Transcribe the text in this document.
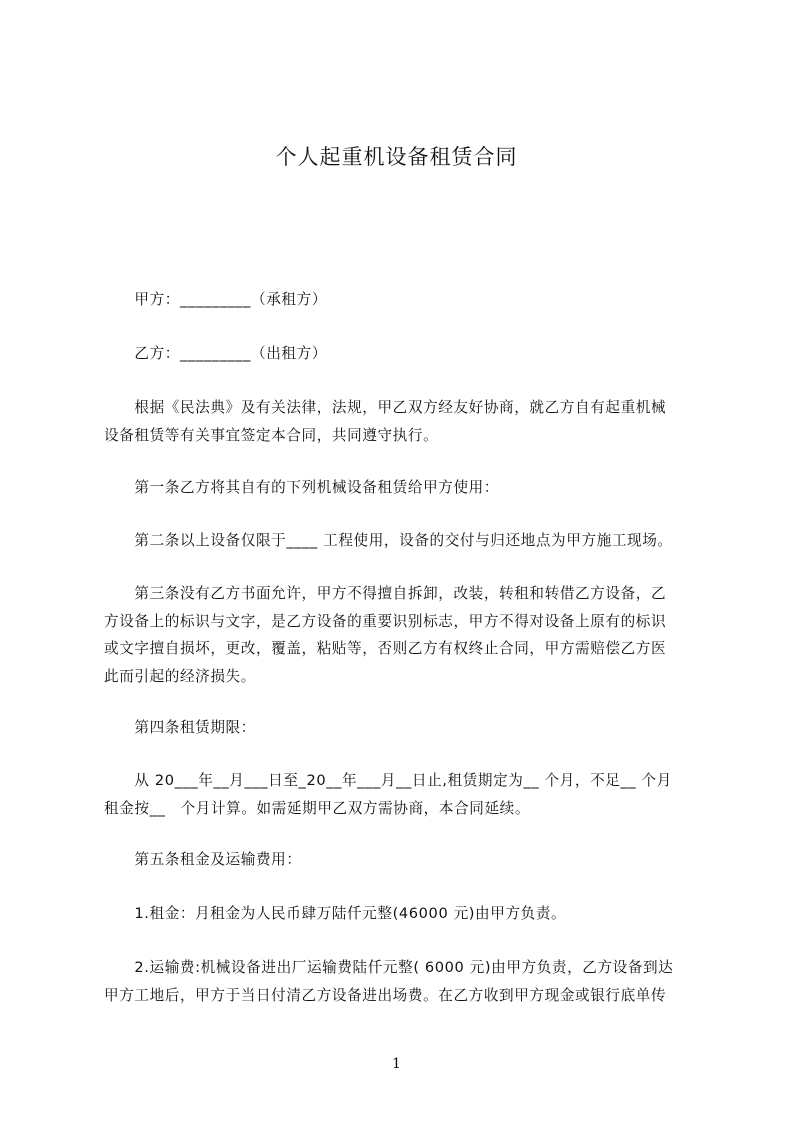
个人起重机设备租赁合同
　　甲方：_________（承租方）
　　乙方：_________（出租方）
　　根据《民法典》及有关法律，法规，甲乙双方经友好协商，就乙方自有起重机械
设备租赁等有关事宜签定本合同，共同遵守执行。
　　第一条乙方将其自有的下列机械设备租赁给甲方使用：
　　第二条以上设备仅限于____ 工程使用，设备的交付与归还地点为甲方施工现场。
　　第三条没有乙方书面允许，甲方不得擅自拆卸，改装，转租和转借乙方设备，乙
方设备上的标识与文字，是乙方设备的重要识别标志，甲方不得对设备上原有的标识
或文字擅自损坏，更改，覆盖，粘贴等，否则乙方有权终止合同，甲方需赔偿乙方医
此而引起的经济损失。
　　第四条租赁期限：
　　从 20___年__月___日至_20__年___月__日止,租赁期定为__ 个月，不足__ 个月
租金按__　个月计算。如需延期甲乙双方需协商，本合同延续。
　　第五条租金及运输费用：
　　1.租金：月租金为人民币肆万陆仟元整(46000 元)由甲方负责。
　　2.运输费:机械设备进出厂运输费陆仟元整( 6000 元)由甲方负责，乙方设备到达
甲方工地后，甲方于当日付清乙方设备进出场费。在乙方收到甲方现金或银行底单传
1
